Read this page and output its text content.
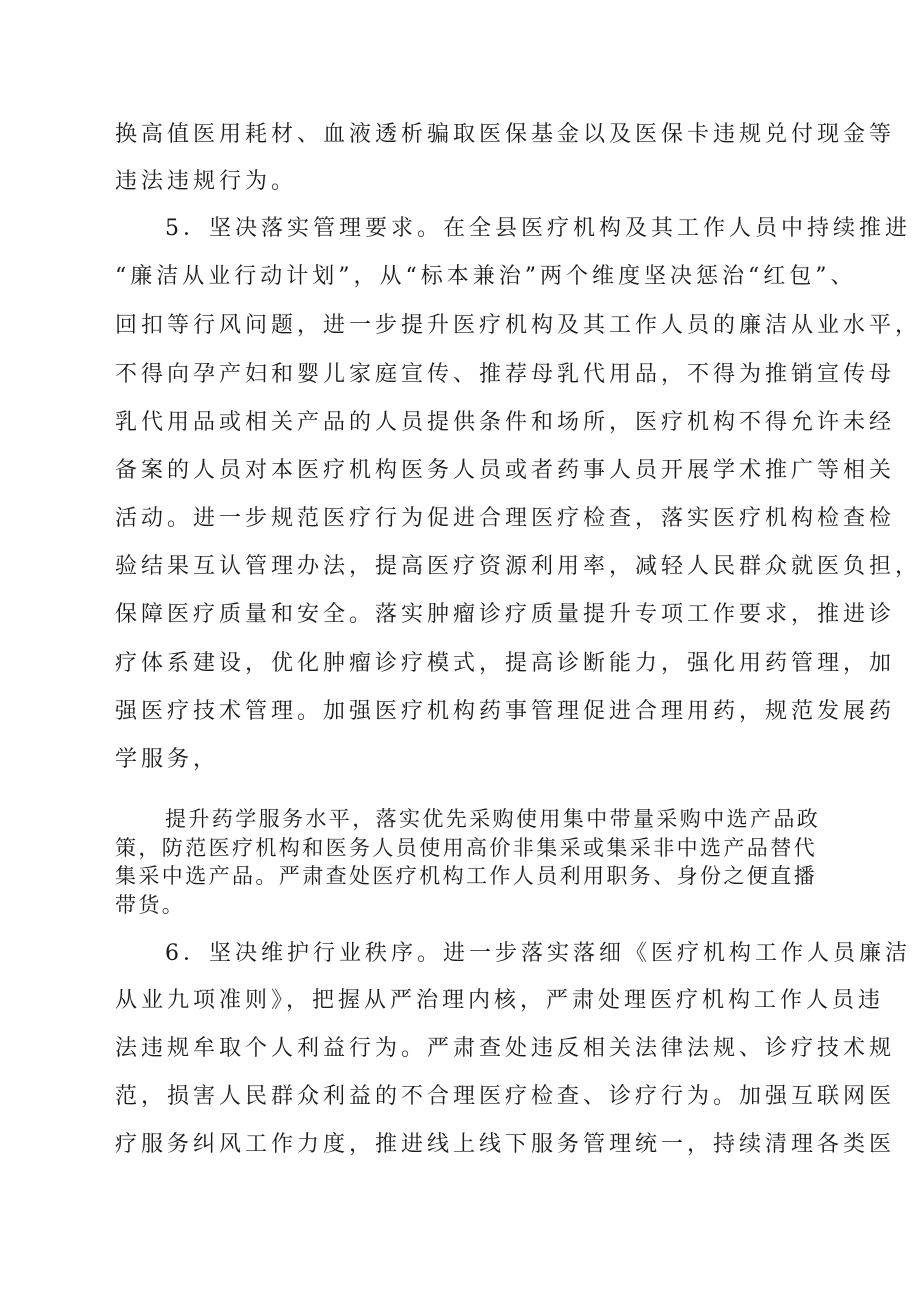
换高值医用耗材、血液透析骗取医保基金以及医保卡违规兑付现金等
违法违规行为。
5．坚决落实管理要求。在全县医疗机构及其工作人员中持续推进
“廉洁从业行动计划”，从“标本兼治”两个维度坚决惩治“红包”、
回扣等行风问题，进一步提升医疗机构及其工作人员的廉洁从业水平，
不得向孕产妇和婴儿家庭宣传、推荐母乳代用品，不得为推销宣传母
乳代用品或相关产品的人员提供条件和场所，医疗机构不得允许未经
备案的人员对本医疗机构医务人员或者药事人员开展学术推广等相关
活动。进一步规范医疗行为促进合理医疗检查，落实医疗机构检查检
验结果互认管理办法，提高医疗资源利用率，减轻人民群众就医负担，
保障医疗质量和安全。落实肿瘤诊疗质量提升专项工作要求，推进诊
疗体系建设，优化肿瘤诊疗模式，提高诊断能力，强化用药管理，加
强医疗技术管理。加强医疗机构药事管理促进合理用药，规范发展药
学服务，
提升药学服务水平，落实优先采购使用集中带量采购中选产品政
策，防范医疗机构和医务人员使用高价非集采或集采非中选产品替代
集采中选产品。严肃查处医疗机构工作人员利用职务、身份之便直播
带货。
6．坚决维护行业秩序。进一步落实落细《医疗机构工作人员廉洁
从业九项准则》，把握从严治理内核，严肃处理医疗机构工作人员违
法违规牟取个人利益行为。严肃查处违反相关法律法规、诊疗技术规
范，损害人民群众利益的不合理医疗检查、诊疗行为。加强互联网医
疗服务纠风工作力度，推进线上线下服务管理统一，持续清理各类医
